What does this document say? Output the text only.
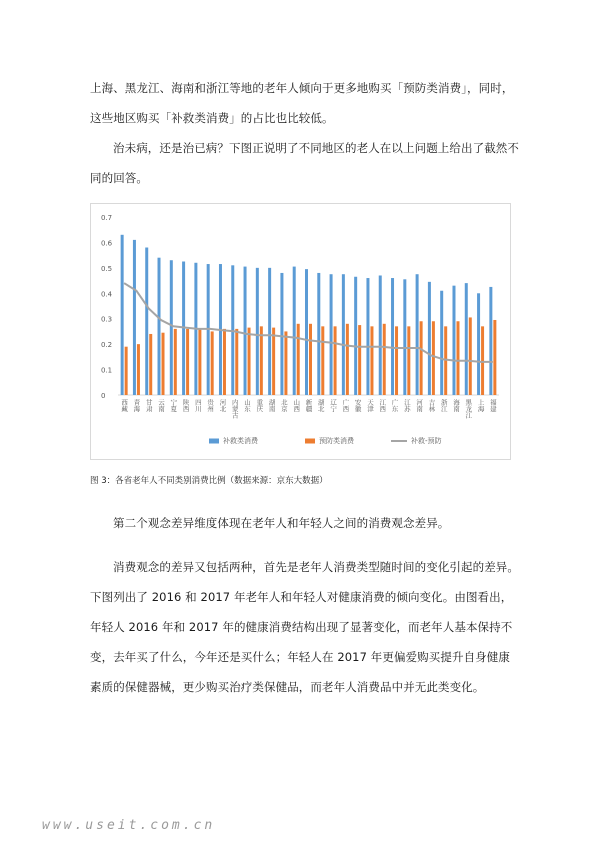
上海、黑龙江、海南和浙江等地的老年人倾向于更多地购买「预防类消费」，同时，这些地区购买「补救类消费」的占比也比较低。

治未病，还是治已病？下图正说明了不同地区的老人在以上问题上给出了截然不同的回答。

0
0.1
0.2
0.3
0.4
0.5
0.6
0.7
西藏 青海 甘肃 云南 宁夏 陕西 四川 贵州 河北 内蒙古 山东 重庆 湖南 北京 山西 新疆 湖北 辽宁 广西 安徽 天津 江西 广东 江苏 河南 吉林 浙江 海南 黑龙江 上海 福建
补救类消费	预防类消费	补救-预防

图 3：各省老年人不同类别消费比例（数据来源：京东大数据）

第二个观念差异维度体现在老年人和年轻人之间的消费观念差异。

消费观念的差异又包括两种，首先是老年人消费类型随时间的变化引起的差异。下图列出了 2016 和 2017 年老年人和年轻人对健康消费的倾向变化。由图看出，年轻人 2016 年和 2017 年的健康消费结构出现了显著变化，而老年人基本保持不变，去年买了什么，今年还是买什么；年轻人在 2017 年更偏爱购买提升自身健康素质的保健器械，更少购买治疗类保健品，而老年人消费品中并无此类变化。

www.useit.com.cn
